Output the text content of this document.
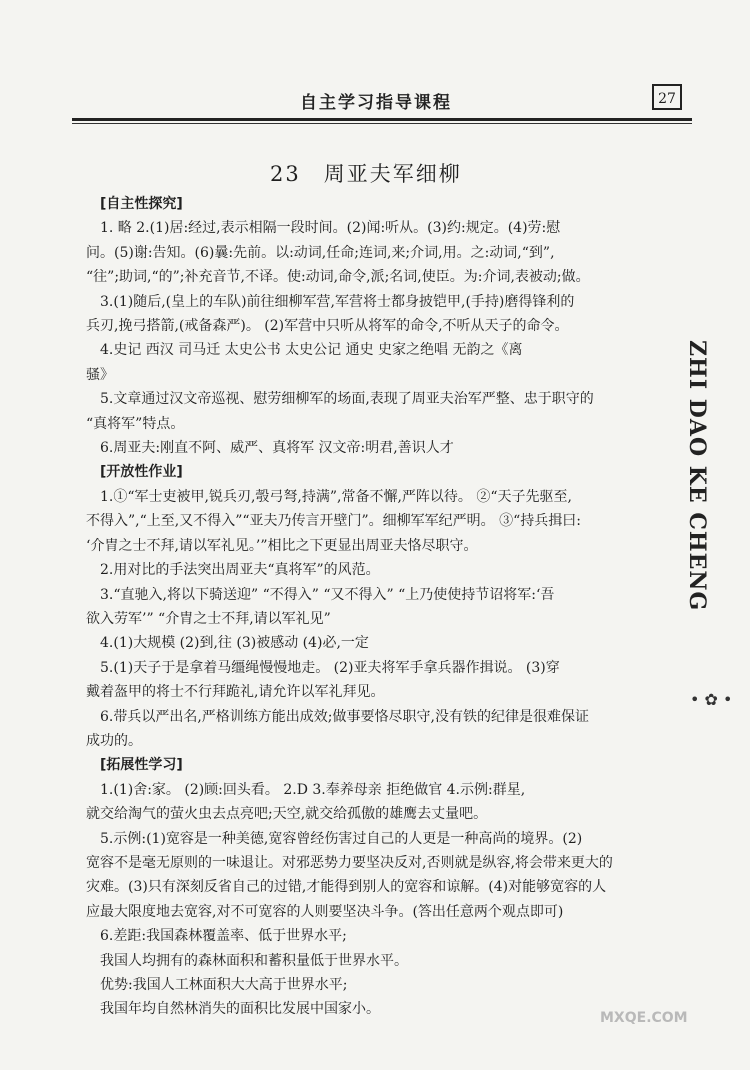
自主学习指导课程	27
23　周亚夫军细柳

[自主性探究]

1. 略 2.(1)居:经过,表示相隔一段时间。(2)闻:听从。(3)约:规定。(4)劳:慰

问。(5)谢:告知。(6)曩:先前。以:动词,任命;连词,来;介词,用。之:动词,“到”,

“往”;助词,“的”;补充音节,不译。使:动词,命令,派;名词,使臣。为:介词,表被动;做。

3.(1)随后,(皇上的车队)前往细柳军营,军营将士都身披铠甲,(手持)磨得锋利的

兵刃,挽弓搭箭,(戒备森严)。 (2)军营中只听从将军的命令,不听从天子的命令。

4.史记 西汉 司马迁 太史公书 太史公记 通史 史家之绝唱 无韵之《离

骚》

5.文章通过汉文帝巡视、慰劳细柳军的场面,表现了周亚夫治军严整、忠于职守的

“真将军”特点。

6.周亚夫:刚直不阿、威严、真将军 汉文帝:明君,善识人才

[开放性作业]

1.①“军士吏被甲,锐兵刃,彀弓弩,持满”,常备不懈,严阵以待。 ②“天子先驱至,

不得入”,“上至,又不得入”“亚夫乃传言开壁门”。细柳军军纪严明。 ③“持兵揖曰:

‘介胄之士不拜,请以军礼见。’”相比之下更显出周亚夫恪尽职守。

2.用对比的手法突出周亚夫“真将军”的风范。

3.“直驰入,将以下骑送迎” “不得入” “又不得入” “上乃使使持节诏将军:‘吾

欲入劳军’” “介胄之士不拜,请以军礼见”

4.(1)大规模 (2)到,往 (3)被感动 (4)必,一定

5.(1)天子于是拿着马缰绳慢慢地走。 (2)亚夫将军手拿兵器作揖说。 (3)穿

戴着盔甲的将士不行拜跪礼,请允许以军礼拜见。

6.带兵以严出名,严格训练方能出成效;做事要恪尽职守,没有铁的纪律是很难保证

成功的。

[拓展性学习]

1.(1)舍:家。 (2)顾:回头看。 2.D 3.奉养母亲 拒绝做官 4.示例:群星,

就交给淘气的萤火虫去点亮吧;天空,就交给孤傲的雄鹰去丈量吧。

5.示例:(1)宽容是一种美德,宽容曾经伤害过自己的人更是一种高尚的境界。(2)

宽容不是毫无原则的一味退让。对邪恶势力要坚决反对,否则就是纵容,将会带来更大的

灾难。(3)只有深刻反省自己的过错,才能得到别人的宽容和谅解。(4)对能够宽容的人

应最大限度地去宽容,对不可宽容的人则要坚决斗争。(答出任意两个观点即可)

6.差距:我国森林覆盖率、低于世界水平;

我国人均拥有的森林面积和蓄积量低于世界水平。

优势:我国人工林面积大大高于世界水平;

我国年均自然林消失的面积比发展中国家小。

ZHI DAO KE CHENG
• ✿ •
MXQE.COM
